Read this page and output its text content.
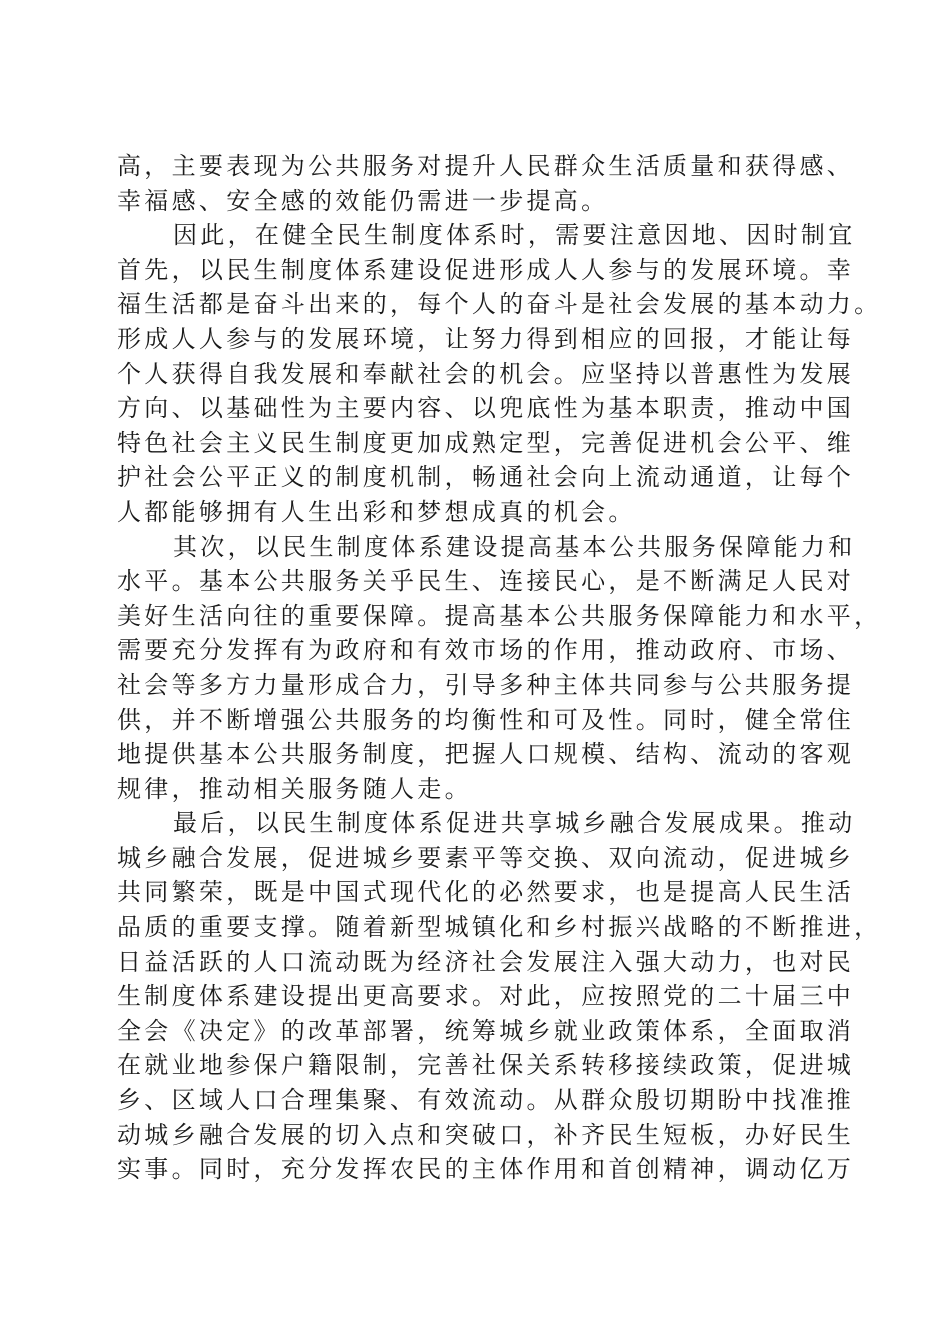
高，主要表现为公共服务对提升人民群众生活质量和获得感、
幸福感、安全感的效能仍需进一步提高。
因此，在健全民生制度体系时，需要注意因地、因时制宜
首先，以民生制度体系建设促进形成人人参与的发展环境。幸
福生活都是奋斗出来的，每个人的奋斗是社会发展的基本动力。
形成人人参与的发展环境，让努力得到相应的回报，才能让每
个人获得自我发展和奉献社会的机会。应坚持以普惠性为发展
方向、以基础性为主要内容、以兜底性为基本职责，推动中国
特色社会主义民生制度更加成熟定型，完善促进机会公平、维
护社会公平正义的制度机制，畅通社会向上流动通道，让每个
人都能够拥有人生出彩和梦想成真的机会。
其次，以民生制度体系建设提高基本公共服务保障能力和
水平。基本公共服务关乎民生、连接民心，是不断满足人民对
美好生活向往的重要保障。提高基本公共服务保障能力和水平，
需要充分发挥有为政府和有效市场的作用，推动政府、市场、
社会等多方力量形成合力，引导多种主体共同参与公共服务提
供，并不断增强公共服务的均衡性和可及性。同时，健全常住
地提供基本公共服务制度，把握人口规模、结构、流动的客观
规律，推动相关服务随人走。
最后，以民生制度体系促进共享城乡融合发展成果。推动
城乡融合发展，促进城乡要素平等交换、双向流动，促进城乡
共同繁荣，既是中国式现代化的必然要求，也是提高人民生活
品质的重要支撑。随着新型城镇化和乡村振兴战略的不断推进，
日益活跃的人口流动既为经济社会发展注入强大动力，也对民
生制度体系建设提出更高要求。对此，应按照党的二十届三中
全会《决定》的改革部署，统筹城乡就业政策体系，全面取消
在就业地参保户籍限制，完善社保关系转移接续政策，促进城
乡、区域人口合理集聚、有效流动。从群众殷切期盼中找准推
动城乡融合发展的切入点和突破口，补齐民生短板，办好民生
实事。同时，充分发挥农民的主体作用和首创精神，调动亿万
